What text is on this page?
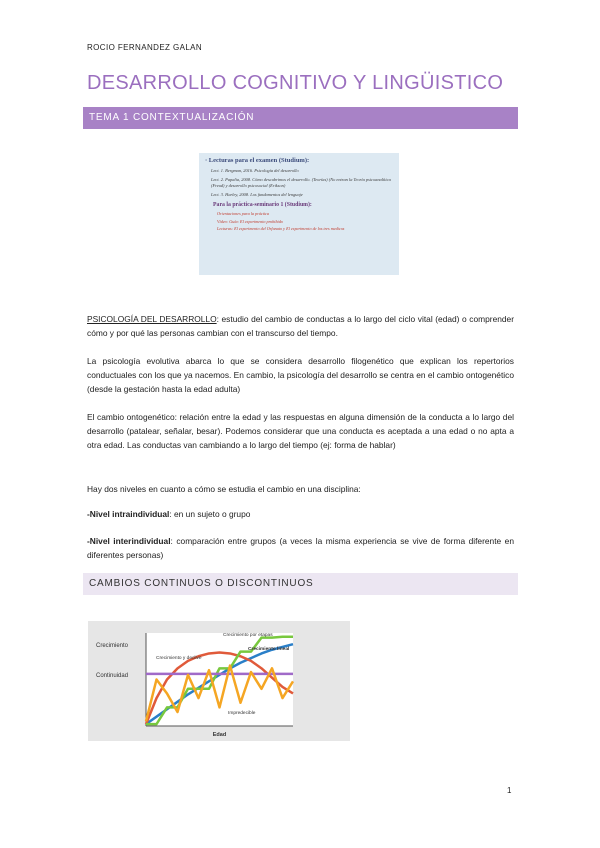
ROCIO FERNANDEZ GALAN
DESARROLLO COGNITIVO Y LINGÜISTICO
TEMA 1 CONTEXTUALIZACIÓN
· Lecturas para el examen (Studium):
Lect. 1. Bergman, 2016. Psicología del desarrollo
Lect. 2. Papalia, 2008. Cómo descubrimos el desarrollo. (Teorías) (No entran la Teoría psicoanalítica (Freud) y desarrollo psicosocial (Erikson)
Lect. 3. Harley, 2008. Los fundamentos del lenguaje
Para la práctica-seminario 1 (Studium):
Orientaciones para la práctica
Vídeo: Guía: El experimento prohibido
Lecturas: El experimento del Orfanato y El experimento de los tres medicos

PSICOLOGÍA DEL DESARROLLO: estudio del cambio de conductas a lo largo del ciclo vital (edad) o comprender cómo y por qué las personas cambian con el transcurso del tiempo.

La psicología evolutiva abarca lo que se considera desarrollo filogenético que explican los repertorios conductuales con los que ya nacemos. En cambio, la psicología del desarrollo se centra en el cambio ontogenético (desde la gestación hasta la edad adulta)

El cambio ontogenético: relación entre la edad y las respuestas en alguna dimensión de la conducta a lo largo del desarrollo (patalear, señalar, besar). Podemos considerar que una conducta es aceptada a una edad o no apta a otra edad. Las conductas van cambiando a lo largo del tiempo (ej: forma de hablar)

Hay dos niveles en cuanto a cómo se estudia el cambio en una disciplina:

-Nivel intraindividual: en un sujeto o grupo

-Nivel interindividual: comparación entre grupos (a veces la misma experiencia se vive de forma diferente en diferentes personas)

CAMBIOS CONTINUOS O DISCONTINUOS
Crecimiento
Continuidad
Edad
Crecimiento por etapas
Crecimiento lineal
Crecimiento y declive
Impredecible
1
